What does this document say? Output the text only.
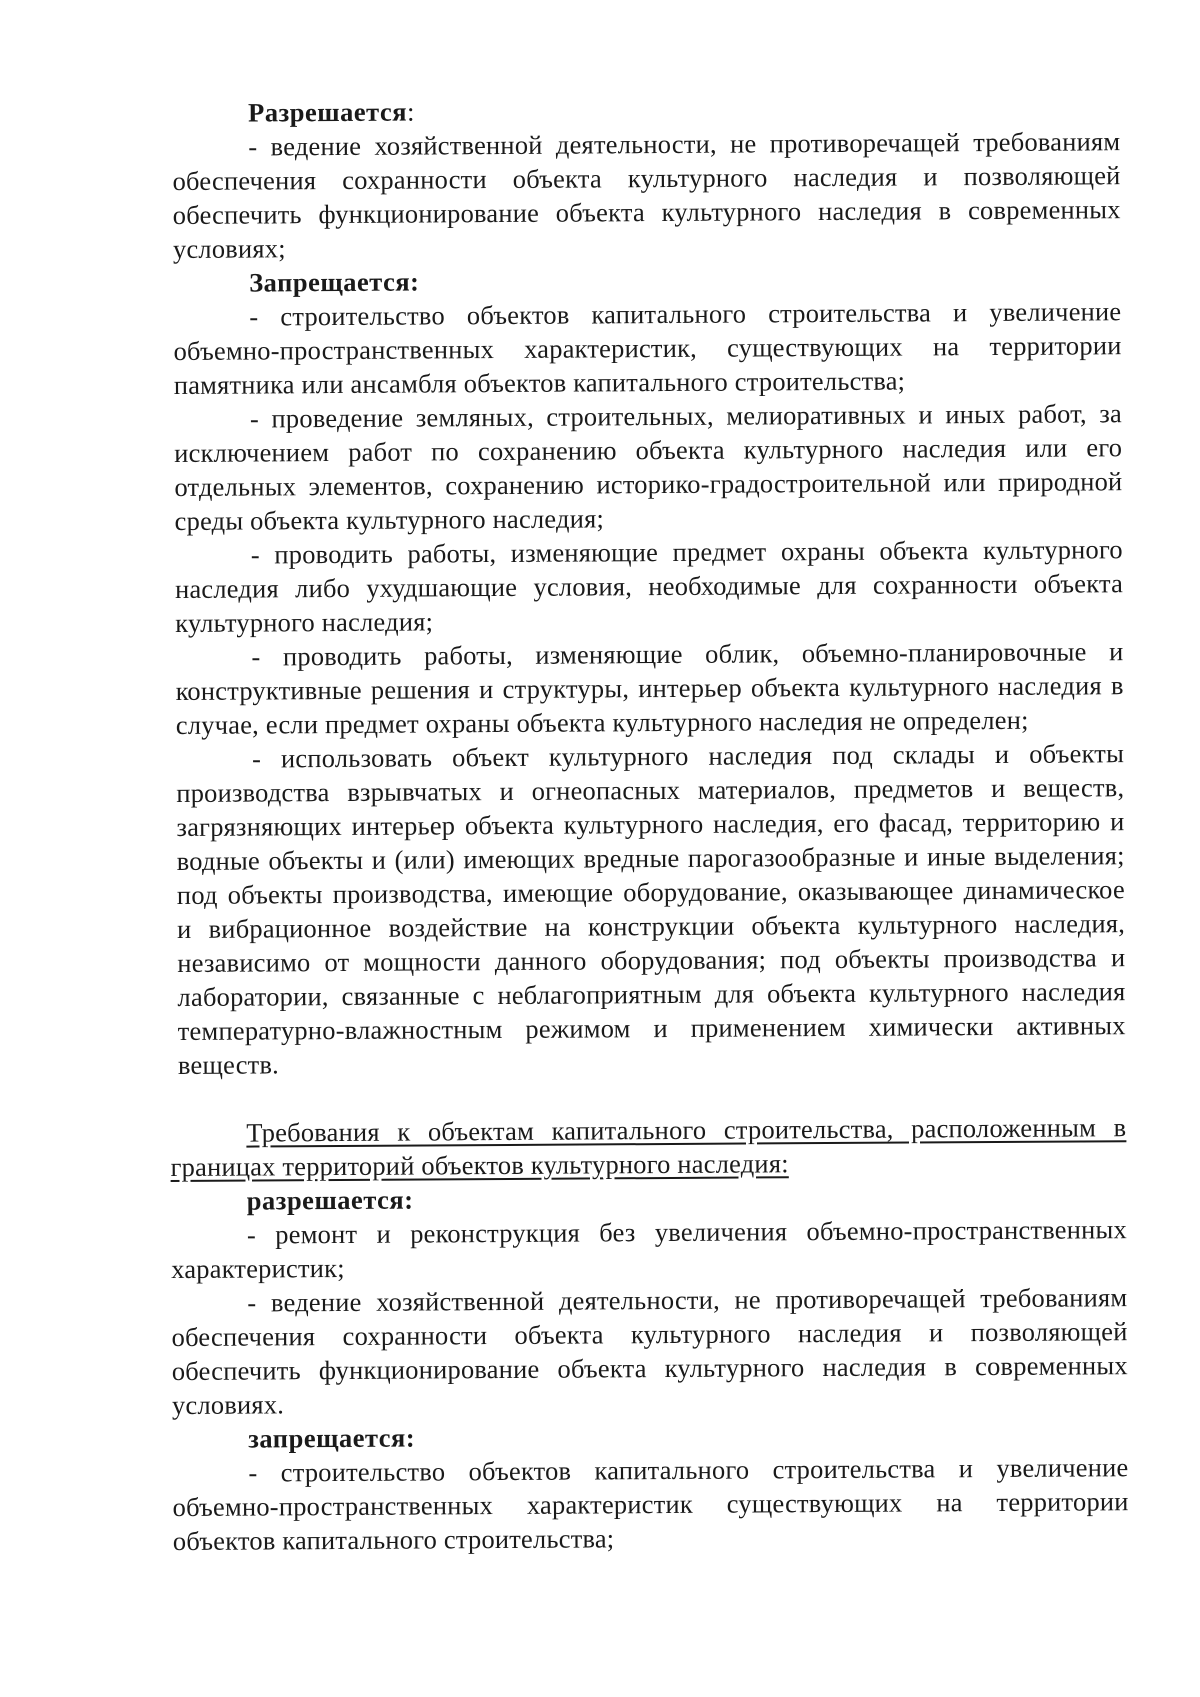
Разрешается:

- ведение хозяйственной деятельности, не противоречащей требованиям обеспечения сохранности объекта культурного наследия и позволяющей обеспечить функционирование объекта культурного наследия в современных условиях;

Запрещается:

- строительство объектов капитального строительства и увеличение объемно-пространственных характеристик, существующих на территории памятника или ансамбля объектов капитального строительства;

- проведение земляных, строительных, мелиоративных и иных работ, за исключением работ по сохранению объекта культурного наследия или его отдельных элементов, сохранению историко-градостроительной или природной среды объекта культурного наследия;

- проводить работы, изменяющие предмет охраны объекта культурного наследия либо ухудшающие условия, необходимые для сохранности объекта культурного наследия;

- проводить работы, изменяющие облик, объемно-планировочные и конструктивные решения и структуры, интерьер объекта культурного наследия в случае, если предмет охраны объекта культурного наследия не определен;

- использовать объект культурного наследия под склады и объекты производства взрывчатых и огнеопасных материалов, предметов и веществ, загрязняющих интерьер объекта культурного наследия, его фасад, территорию и водные объекты и (или) имеющих вредные парогазообразные и иные выделения; под объекты производства, имеющие оборудование, оказывающее динамическое и вибрационное воздействие на конструкции объекта культурного наследия, независимо от мощности данного оборудования; под объекты производства и лаборатории, связанные с неблагоприятным для объекта культурного наследия температурно-влажностным режимом и применением химически активных веществ.

Требования к объектам капитального строительства, расположенным в границах территорий объектов культурного наследия:

разрешается:

- ремонт и реконструкция без увеличения объемно-пространственных характеристик;

- ведение хозяйственной деятельности, не противоречащей требованиям обеспечения сохранности объекта культурного наследия и позволяющей обеспечить функционирование объекта культурного наследия в современных условиях.

запрещается:

- строительство объектов капитального строительства и увеличение объемно-пространственных характеристик существующих на территории объектов капитального строительства;
